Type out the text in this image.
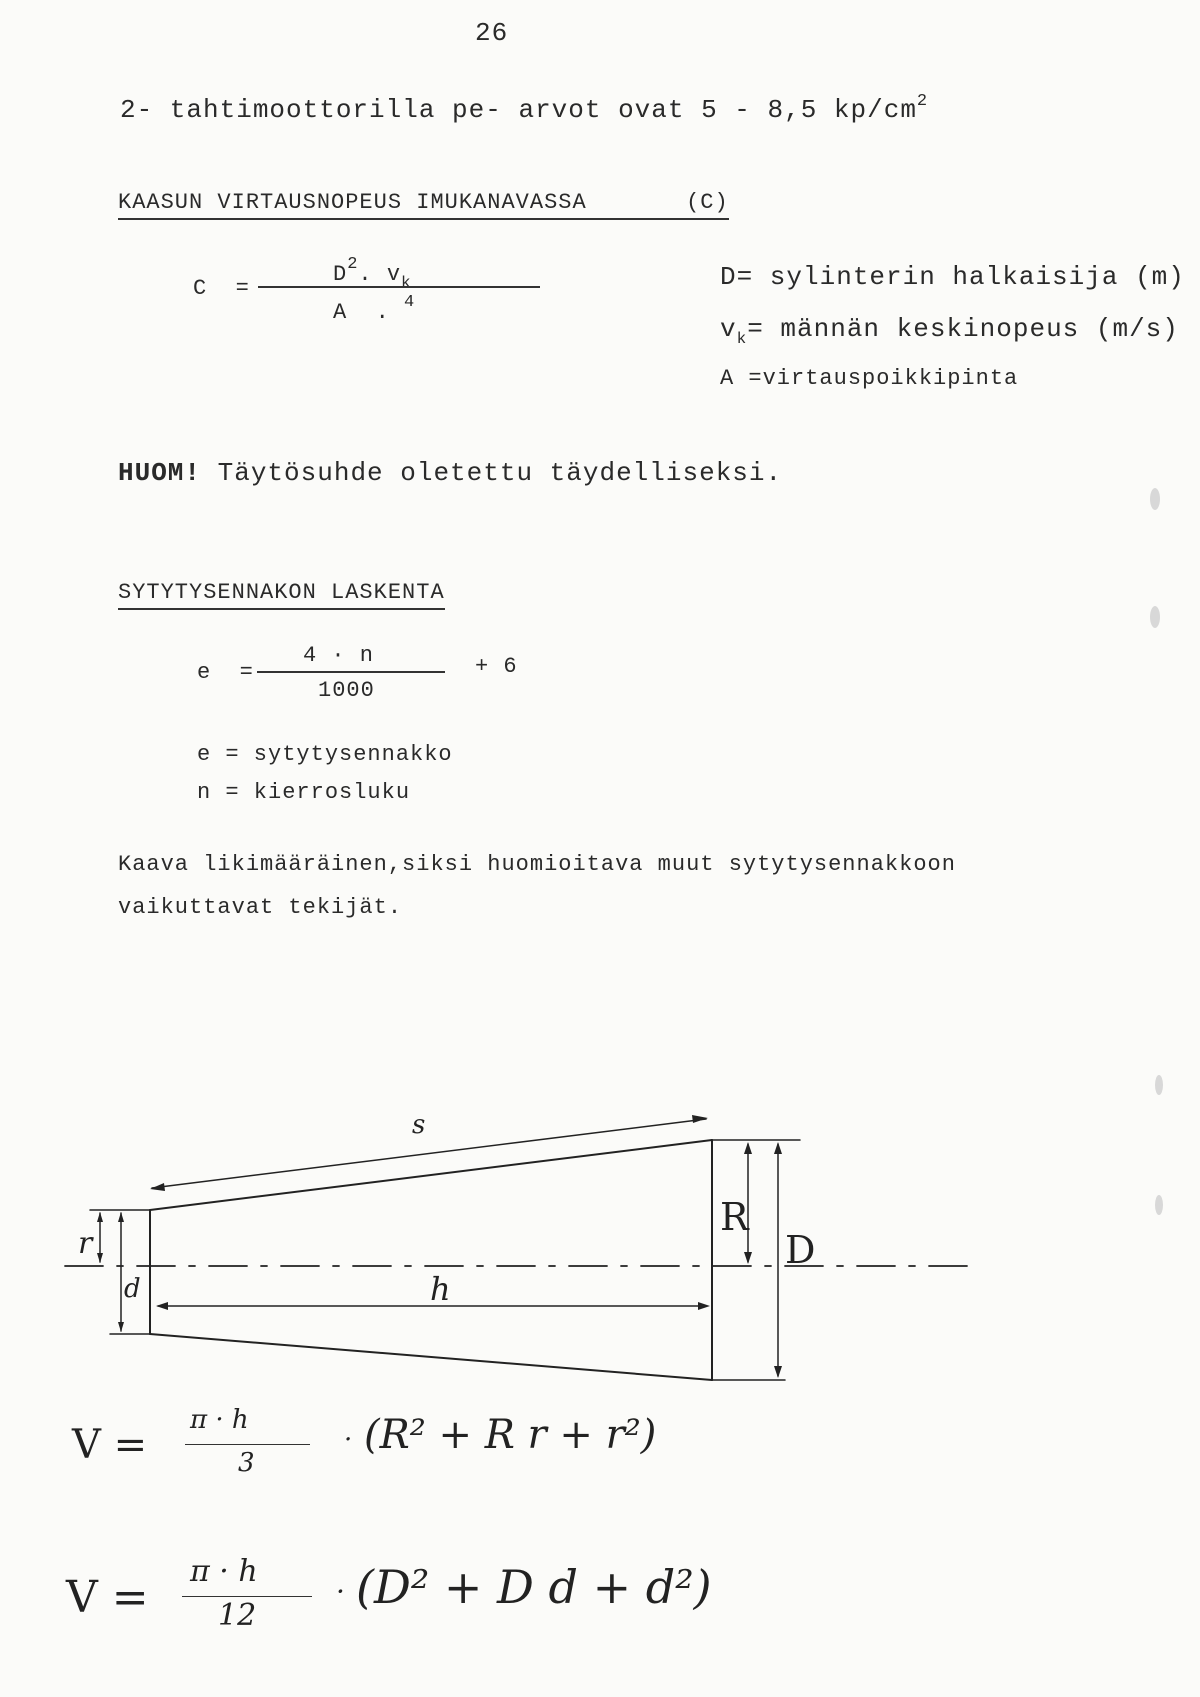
26
2- tahtimoottorilla pe- arvot ovat 5 - 8,5 $kp/cm^2$
KAASUN VIRTAUSNOPEUS IMUKANAVASSA	(C)
C  =
$D^2$. $v_k$
A  . $^4$
D= sylinterin halkaisija (m)
$v_k=$ männän keskinopeus (m/s)
A =virtauspoikkipinta
HUOM! Täytösuhde oletettu täydelliseksi.
SYTYTYSENNAKON LASKENTA
e  =
4 · n
1000
+ 6
e = sytytysennakko
n = kierrosluku
Kaava likimääräinen,siksi huomioitava muut sytytysennakkoon
vaikuttavat tekijät.
s
R
D
r
d	h
V =
π · h
3
· (R² + R r + r²)
V =
π · h
12
· (D² + D d + d²)
